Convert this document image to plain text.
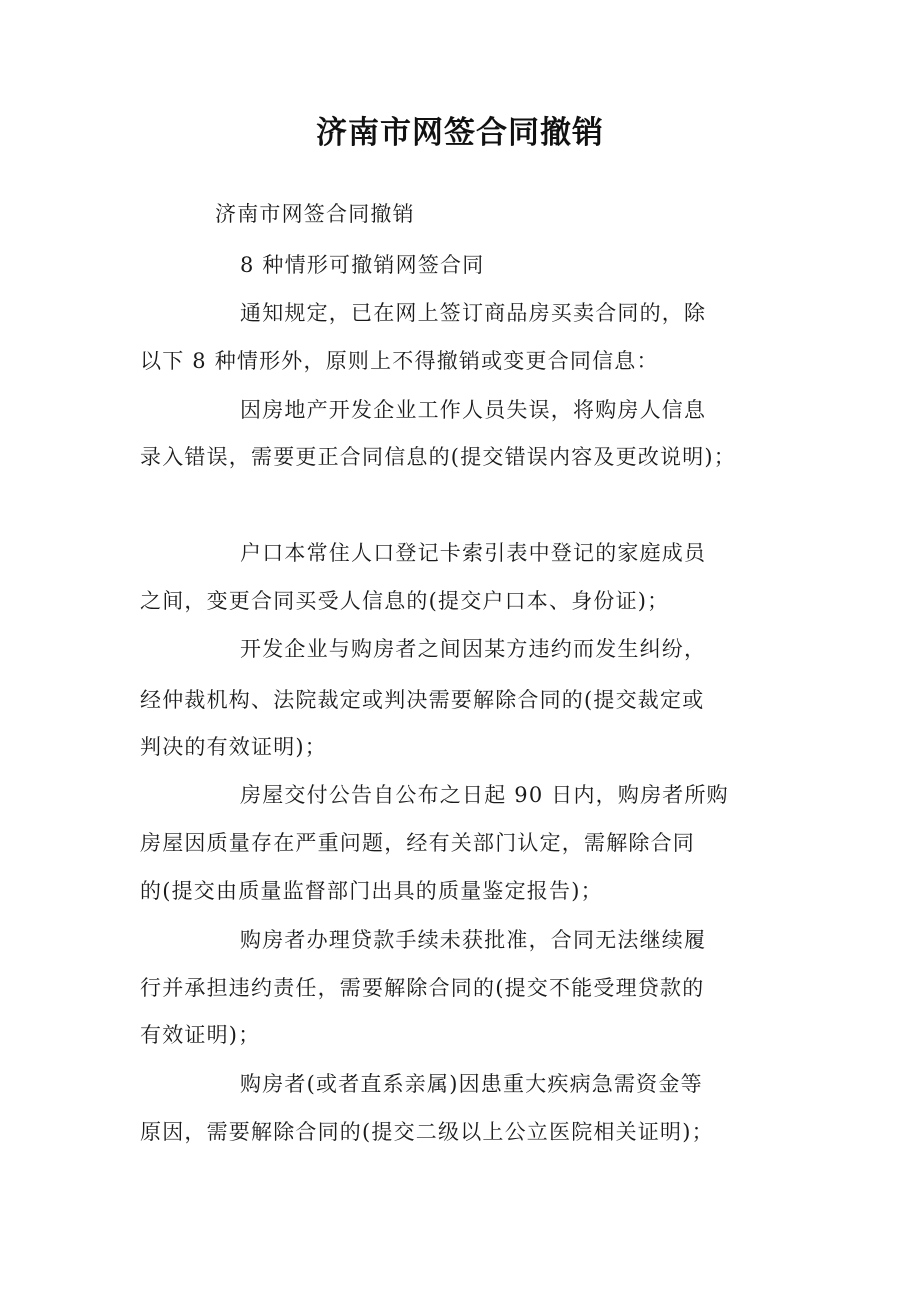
济南市网签合同撤销
济南市网签合同撤销
8 种情形可撤销网签合同
通知规定，已在网上签订商品房买卖合同的，除
以下 8 种情形外，原则上不得撤销或变更合同信息：
因房地产开发企业工作人员失误，将购房人信息
录入错误，需要更正合同信息的(提交错误内容及更改说明)；
户口本常住人口登记卡索引表中登记的家庭成员
之间，变更合同买受人信息的(提交户口本、身份证)；
开发企业与购房者之间因某方违约而发生纠纷，
经仲裁机构、法院裁定或判决需要解除合同的(提交裁定或
判决的有效证明)；
房屋交付公告自公布之日起 90 日内，购房者所购
房屋因质量存在严重问题，经有关部门认定，需解除合同
的(提交由质量监督部门出具的质量鉴定报告)；
购房者办理贷款手续未获批准，合同无法继续履
行并承担违约责任，需要解除合同的(提交不能受理贷款的
有效证明)；
购房者(或者直系亲属)因患重大疾病急需资金等
原因，需要解除合同的(提交二级以上公立医院相关证明)；
